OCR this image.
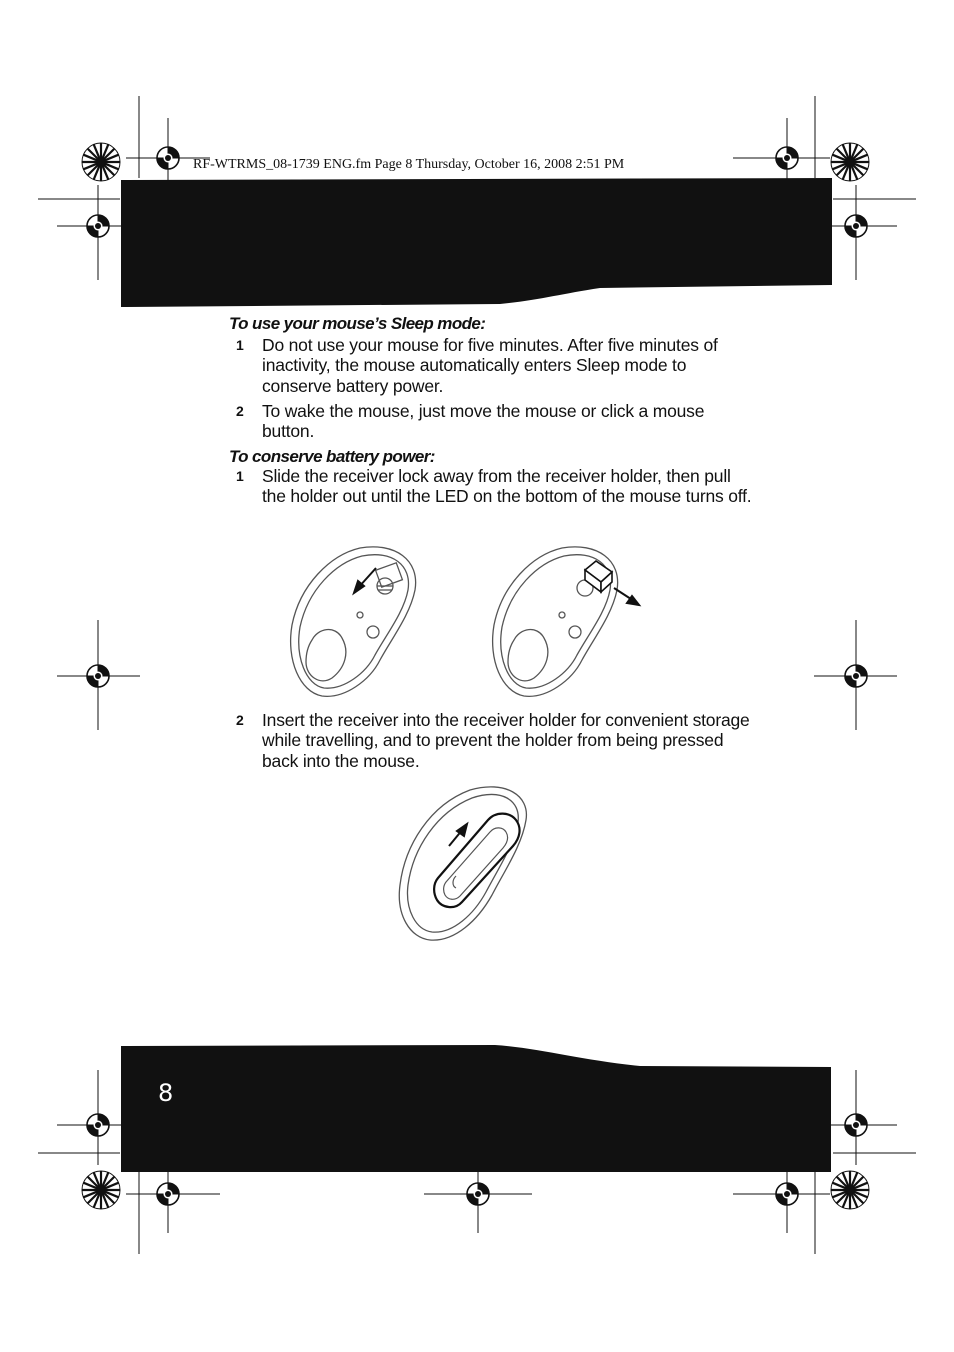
RF-WTRMS_08-1739 ENG.fm Page 8 Thursday, October 16, 2008 2:51 PM
To use your mouse’s Sleep mode:
1 Do not use your mouse for five minutes. After five minutes of inactivity, the mouse automatically enters Sleep mode to conserve battery power.
2 To wake the mouse, just move the mouse or click a mouse button.
To conserve battery power:
1 Slide the receiver lock away from the receiver holder, then pull the holder out until the LED on the bottom of the mouse turns off.
2 Insert the receiver into the receiver holder for convenient storage while travelling, and to prevent the holder from being pressed back into the mouse.
8
